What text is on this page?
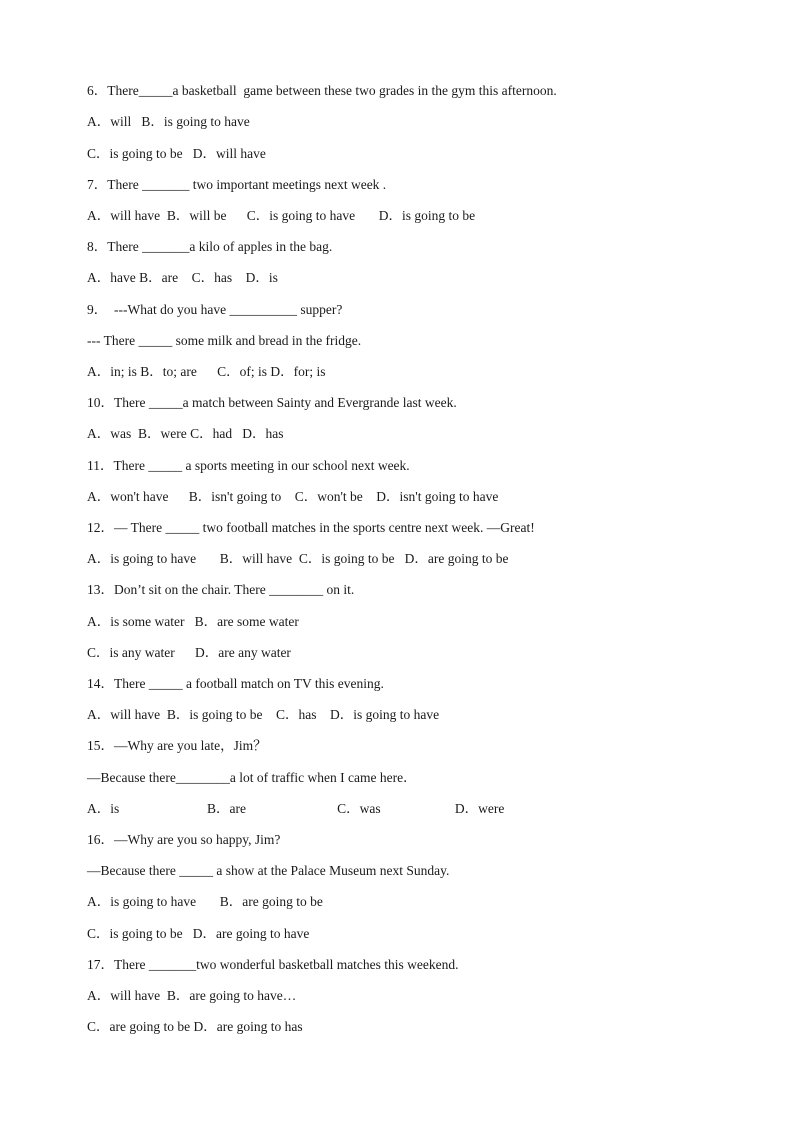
6．There_____a basketball  game between these two grades in the gym this afternoon.
A．will   B．is going to have
C．is going to be   D．will have
7．There _______ two important meetings next week .
A．will have  B．will be      C．is going to have       D．is going to be
8．There _______a kilo of apples in the bag.
A．have B．are    C．has    D．is
9．  ---What do you have __________ supper?
--- There _____ some milk and bread in the fridge.
A．in; is B．to; are      C．of; is D．for; is
10．There _____a match between Sainty and Evergrande last week.
A．was  B．were C．had   D．has
11．There _____ a sports meeting in our school next week.
A．won't have      B．isn't going to    C．won't be    D．isn't going to have
12．— There _____ two football matches in the sports centre next week. —Great!
A．is going to have       B．will have  C．is going to be   D．are going to be
13．Don’t sit on the chair. There ________ on it.
A．is some water   B．are some water
C．is any water      D．are any water
14．There _____ a football match on TV this evening.
A．will have  B．is going to be    C．has    D．is going to have
15．—Why are you late，Jim？
—Because there________a lot of traffic when I came here．
A．is                          B．are                           C．was                      D．were
16．—Why are you so happy, Jim?
—Because there _____ a show at the Palace Museum next Sunday.
A．is going to have       B．are going to be
C．is going to be   D．are going to have
17．There _______two wonderful basketball matches this weekend.
A．will have  B．are going to have…
C．are going to be D．are going to has
